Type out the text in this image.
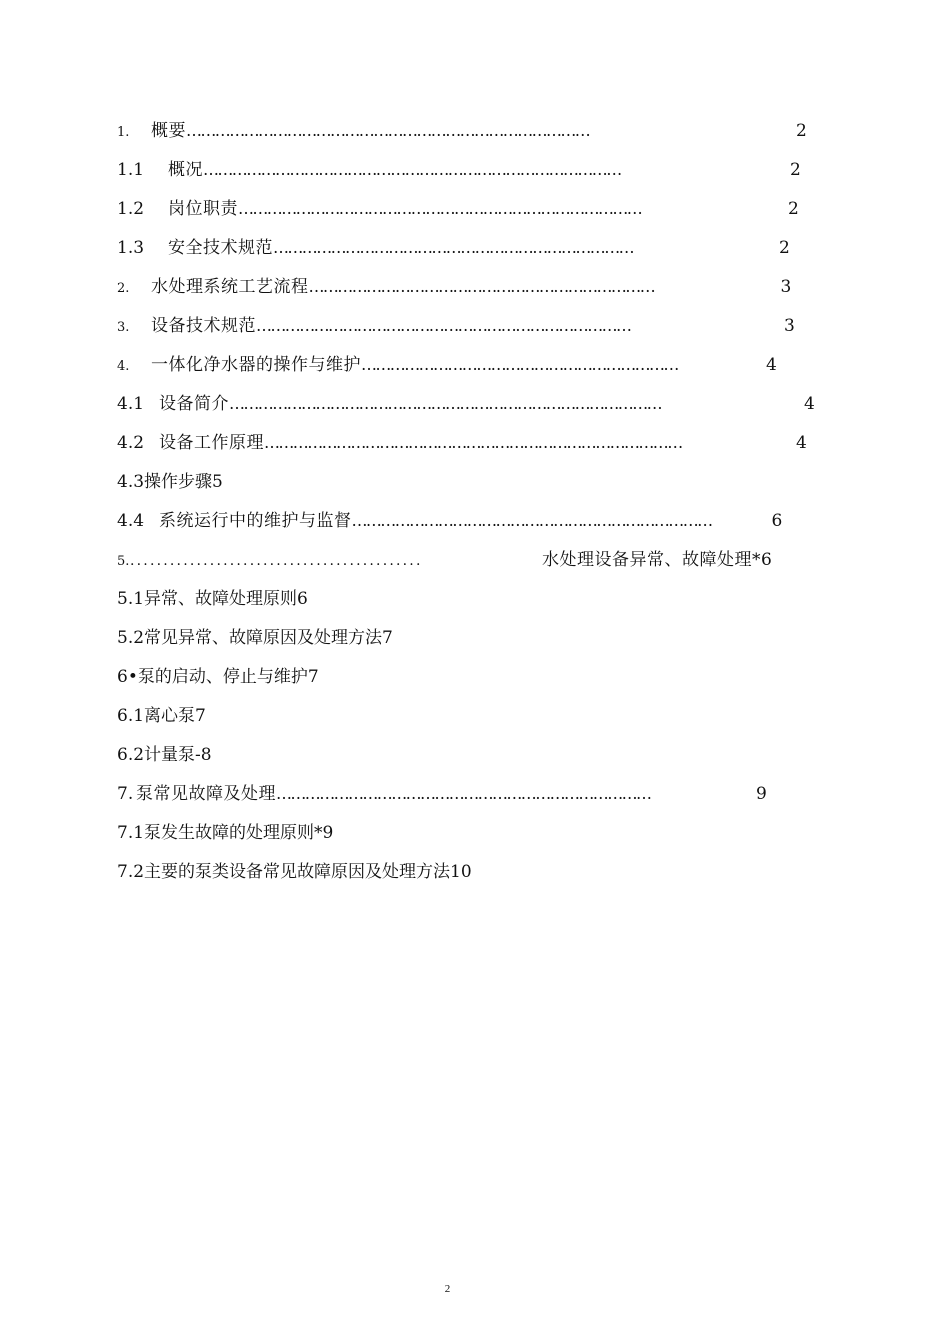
1.	概要 …………………………………………………………………………	2
1.1	概况 ……………………………………………………………………………	2
1.2	岗位职责 …………………………………………………………………………	2
1.3	安全技术规范 …………………………………………………………………	2
2.	水处理系统工艺流程 ………………………………………………………………	3
3.	设备技术规范 ……………………………………………………………………	3
4.	一体化净水器的操作与维护 …………………………………………………………	4
4.1 设备简介 ………………………………………………………………………………	4
4.2 设备工作原理 ……………………………………………………………………………	4
4.3操作步骤5
4.4 系统运行中的维护与监督 …………………………………………………………………	6
5. ............................................	水处理设备异常、故障处理*6
5.1异常、故障处理原则6
5.2常见异常、故障原因及处理方法7
6•泵的启动、停止与维护7
6.1离心泵7
6.2计量泵-8
7. 泵常见故障及处理 ……………………………………………………………………	9
7.1泵发生故障的处理原则*9
7.2主要的泵类设备常见故障原因及处理方法10
2
